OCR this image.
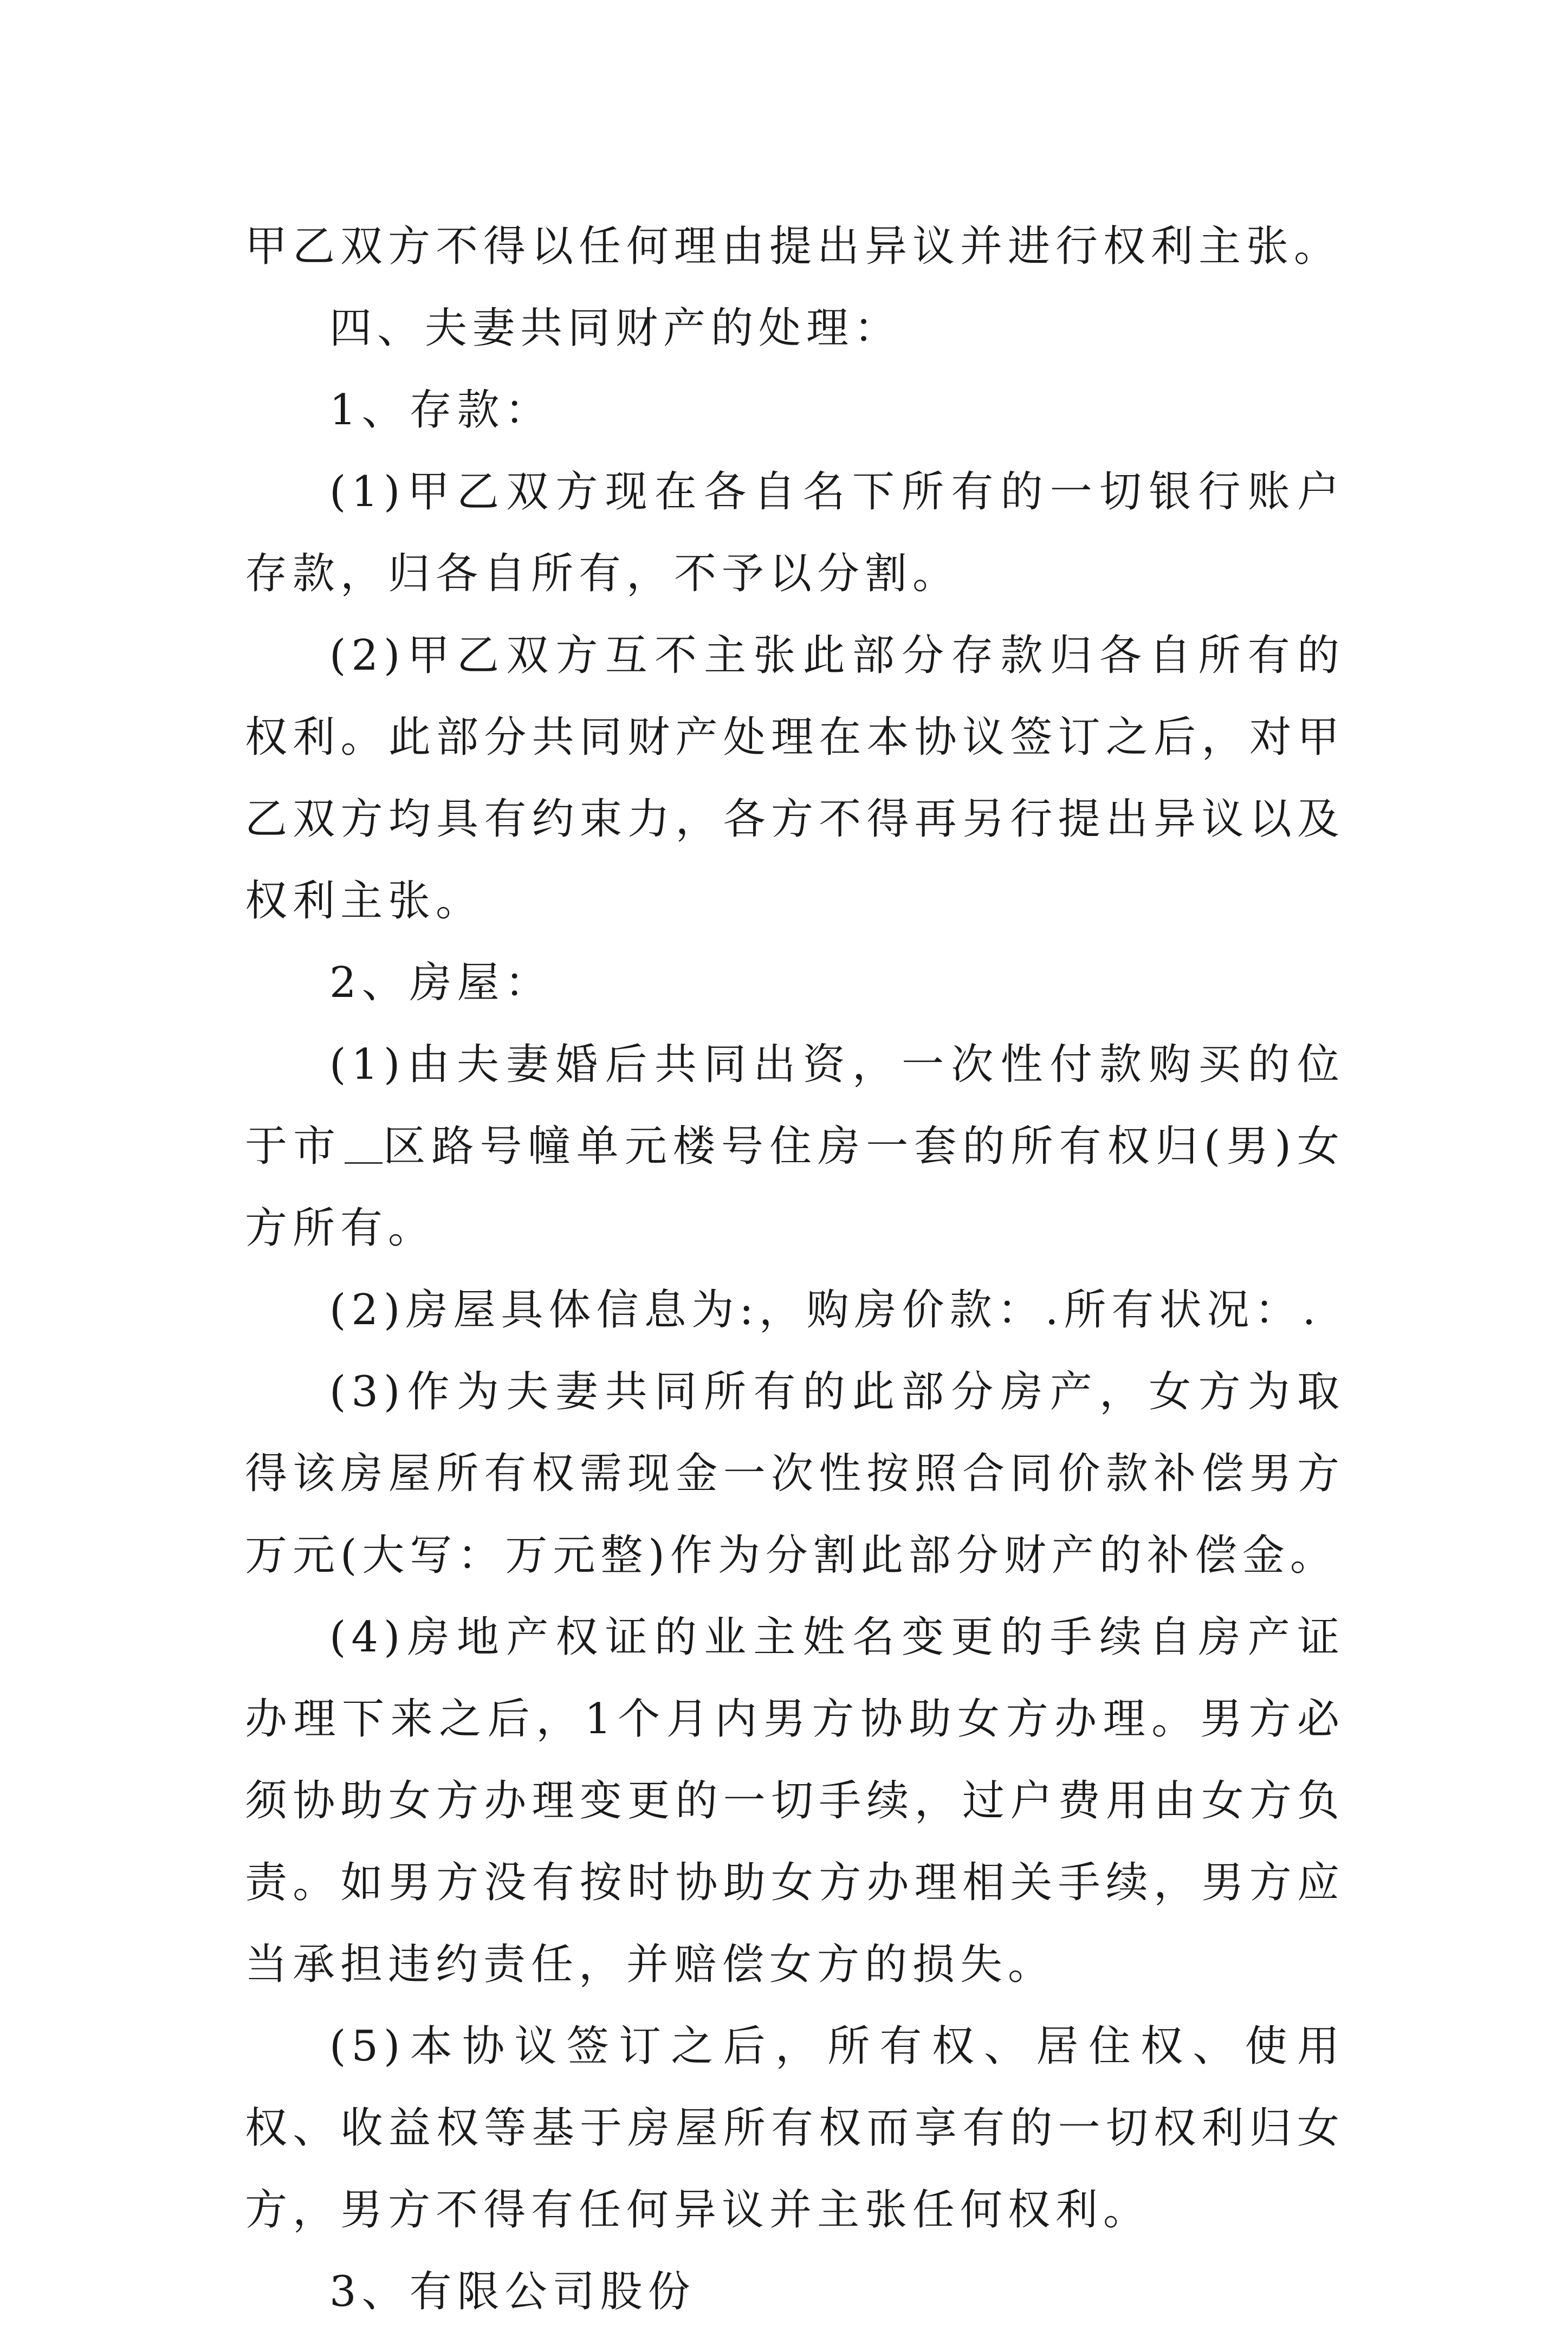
甲乙双方不得以任何理由提出异议并进行权利主张。

四、夫妻共同财产的处理：

1、存款：

(1)甲乙双方现在各自名下所有的一切银行账户存款，归各自所有，不予以分割。

(2)甲乙双方互不主张此部分存款归各自所有的权利。此部分共同财产处理在本协议签订之后，对甲乙双方均具有约束力，各方不得再另行提出异议以及权利主张。

2、房屋：

(1)由夫妻婚后共同出资，一次性付款购买的位于市 区路号幢单元楼号住房一套的所有权归(男)女方所有。

(2)房屋具体信息为:，购房价款：.所有状况：.

(3)作为夫妻共同所有的此部分房产，女方为取得该房屋所有权需现金一次性按照合同价款补偿男方万元(大写：万元整)作为分割此部分财产的补偿金。

(4)房地产权证的业主姓名变更的手续自房产证办理下来之后，1个月内男方协助女方办理。男方必须协助女方办理变更的一切手续，过户费用由女方负责。如男方没有按时协助女方办理相关手续，男方应当承担违约责任，并赔偿女方的损失。

(5)本协议签订之后，所有权、居住权、使用权、收益权等基于房屋所有权而享有的一切权利归女方，男方不得有任何异议并主张任何权利。

3、有限公司股份
